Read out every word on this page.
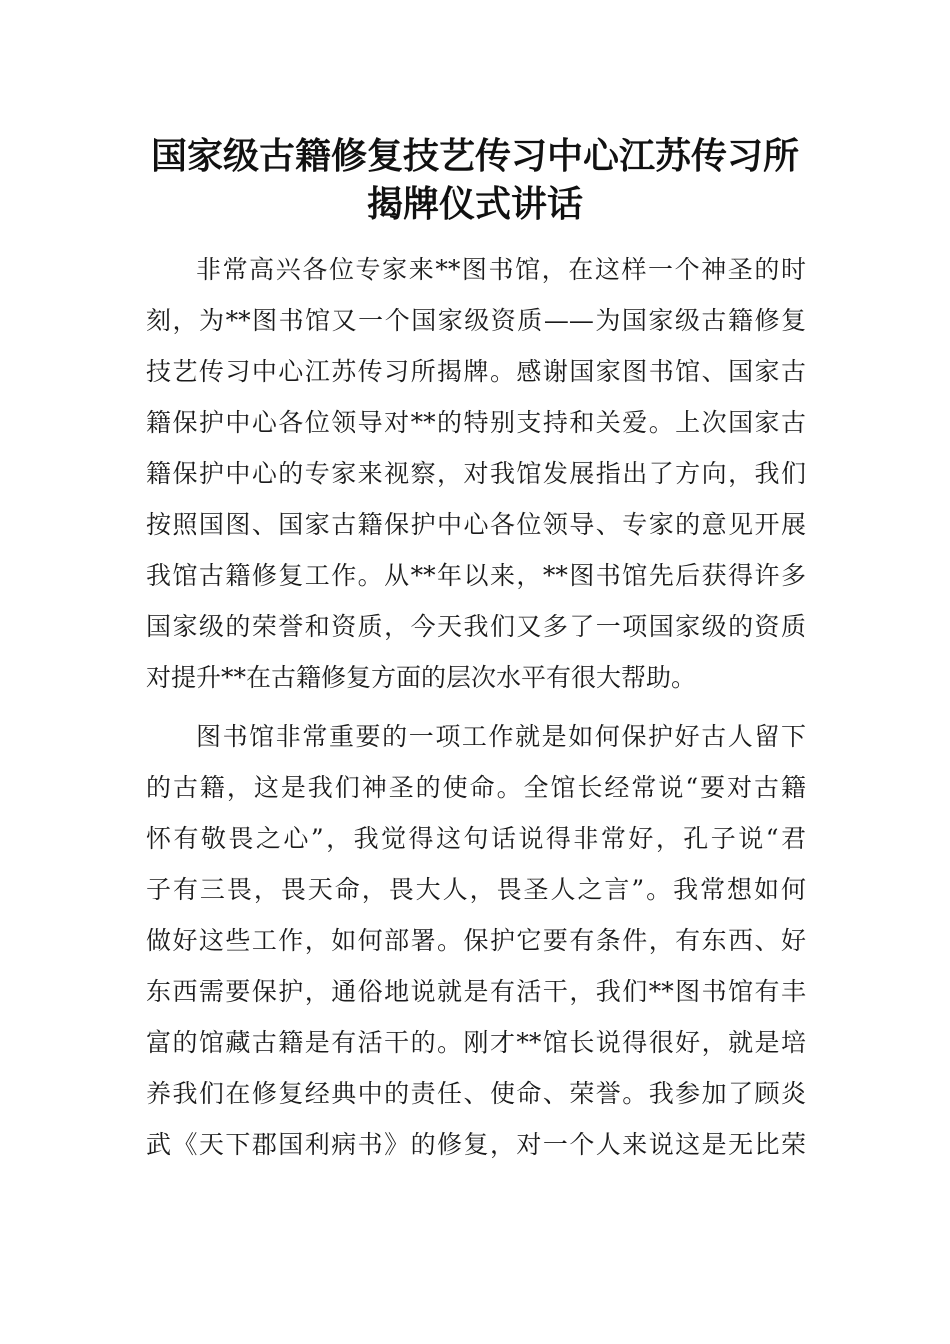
国家级古籍修复技艺传习中心江苏传习所
揭牌仪式讲话

非常高兴各位专家来**图书馆，在这样一个神圣的时

刻，为**图书馆又一个国家级资质——为国家级古籍修复

技艺传习中心江苏传习所揭牌。感谢国家图书馆、国家古

籍保护中心各位领导对**的特别支持和关爱。上次国家古

籍保护中心的专家来视察，对我馆发展指出了方向，我们

按照国图、国家古籍保护中心各位领导、专家的意见开展

我馆古籍修复工作。从**年以来，**图书馆先后获得许多

国家级的荣誉和资质，今天我们又多了一项国家级的资质

对提升**在古籍修复方面的层次水平有很大帮助。

图书馆非常重要的一项工作就是如何保护好古人留下

的古籍，这是我们神圣的使命。全馆长经常说“要对古籍

怀有敬畏之心”，我觉得这句话说得非常好，孔子说“君

子有三畏，畏天命，畏大人，畏圣人之言”。我常想如何

做好这些工作，如何部署。保护它要有条件，有东西、好

东西需要保护，通俗地说就是有活干，我们**图书馆有丰

富的馆藏古籍是有活干的。刚才**馆长说得很好，就是培

养我们在修复经典中的责任、使命、荣誉。我参加了顾炎

武《天下郡国利病书》的修复，对一个人来说这是无比荣
